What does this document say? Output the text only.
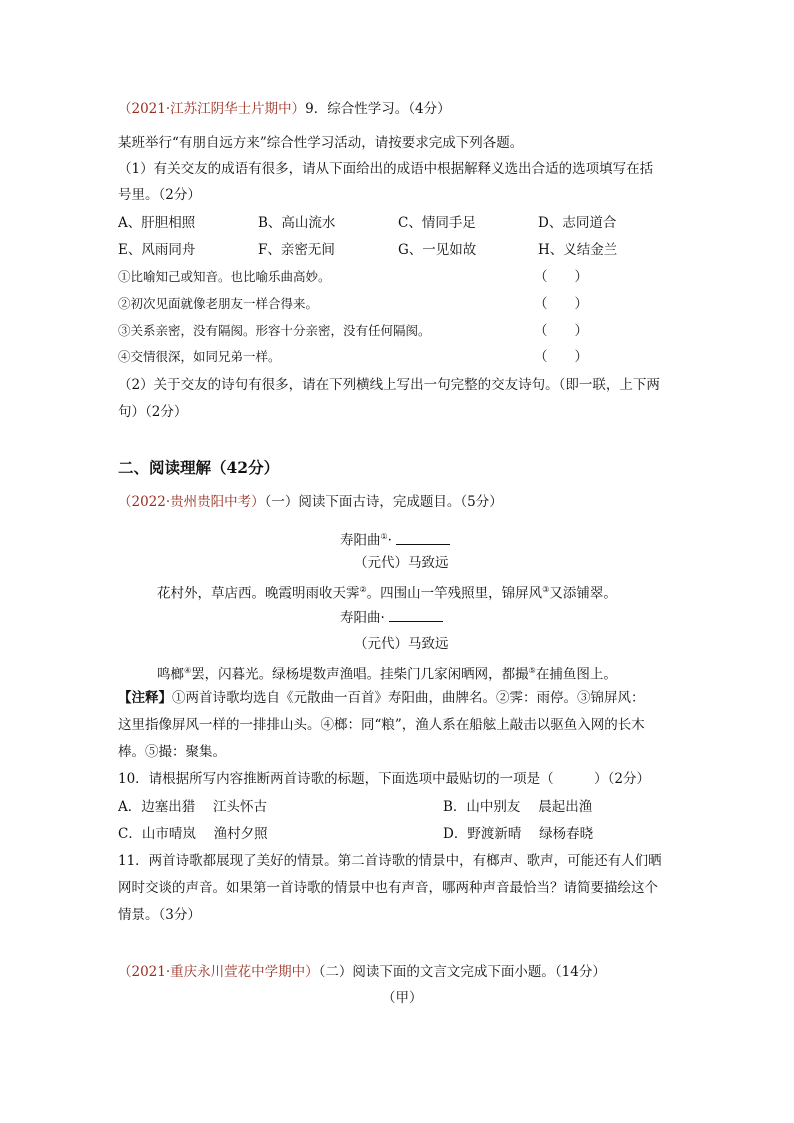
（2021·江苏江阴华士片期中）9．综合性学习。（4分）
某班举行“有朋自远方来”综合性学习活动，请按要求完成下列各题。
（1）有关交友的成语有很多，请从下面给出的成语中根据解释义选出合适的选项填写在括
号里。（2分）
A、肝胆相照	B、高山流水	C、情同手足	D、志同道合
E、风雨同舟	F、亲密无间	G、一见如故	H、义结金兰
①比喻知己或知音。也比喻乐曲高妙。	（　　）
②初次见面就像老朋友一样合得来。	（　　）
③关系亲密，没有隔阂。形容十分亲密，没有任何隔阂。	（　　）
④交情很深，如同兄弟一样。	（　　）
（2）关于交友的诗句有很多，请在下列横线上写出一句完整的交友诗句。（即一联，上下两
句）（2分）
二、阅读理解（42分）
（2022·贵州贵阳中考）（一）阅读下面古诗，完成题目。（5分）
寿阳曲①·
（元代）马致远
花村外，草店西。晚霞明雨收天霁②。四围山一竿残照里，锦屏风③又添铺翠。
寿阳曲·
（元代）马致远
鸣榔④罢，闪暮光。绿杨堤数声渔唱。挂柴门几家闲晒网，都撮⑤在捕鱼图上。
【注释】①两首诗歌均选自《元散曲一百首》寿阳曲，曲牌名。②霁：雨停。③锦屏风：
这里指像屏风一样的一排排山头。④榔：同“粮”，渔人系在船舷上敲击以驱鱼入网的长木
棒。⑤撮：聚集。
10．请根据所写内容推断两首诗歌的标题，下面选项中最贴切的一项是（　　　）（2分）
A．边塞出猎　 江头怀古	B．山中别友　 晨起出渔
C．山市晴岚　 渔村夕照	D．野渡新晴　 绿杨春晓
11．两首诗歌都展现了美好的情景。第二首诗歌的情景中，有榔声、歌声，可能还有人们晒
网时交谈的声音。如果第一首诗歌的情景中也有声音，哪两种声音最恰当？请简要描绘这个
情景。（3分）
（2021·重庆永川萱花中学期中）（二）阅读下面的文言文完成下面小题。（14分）
（甲）
